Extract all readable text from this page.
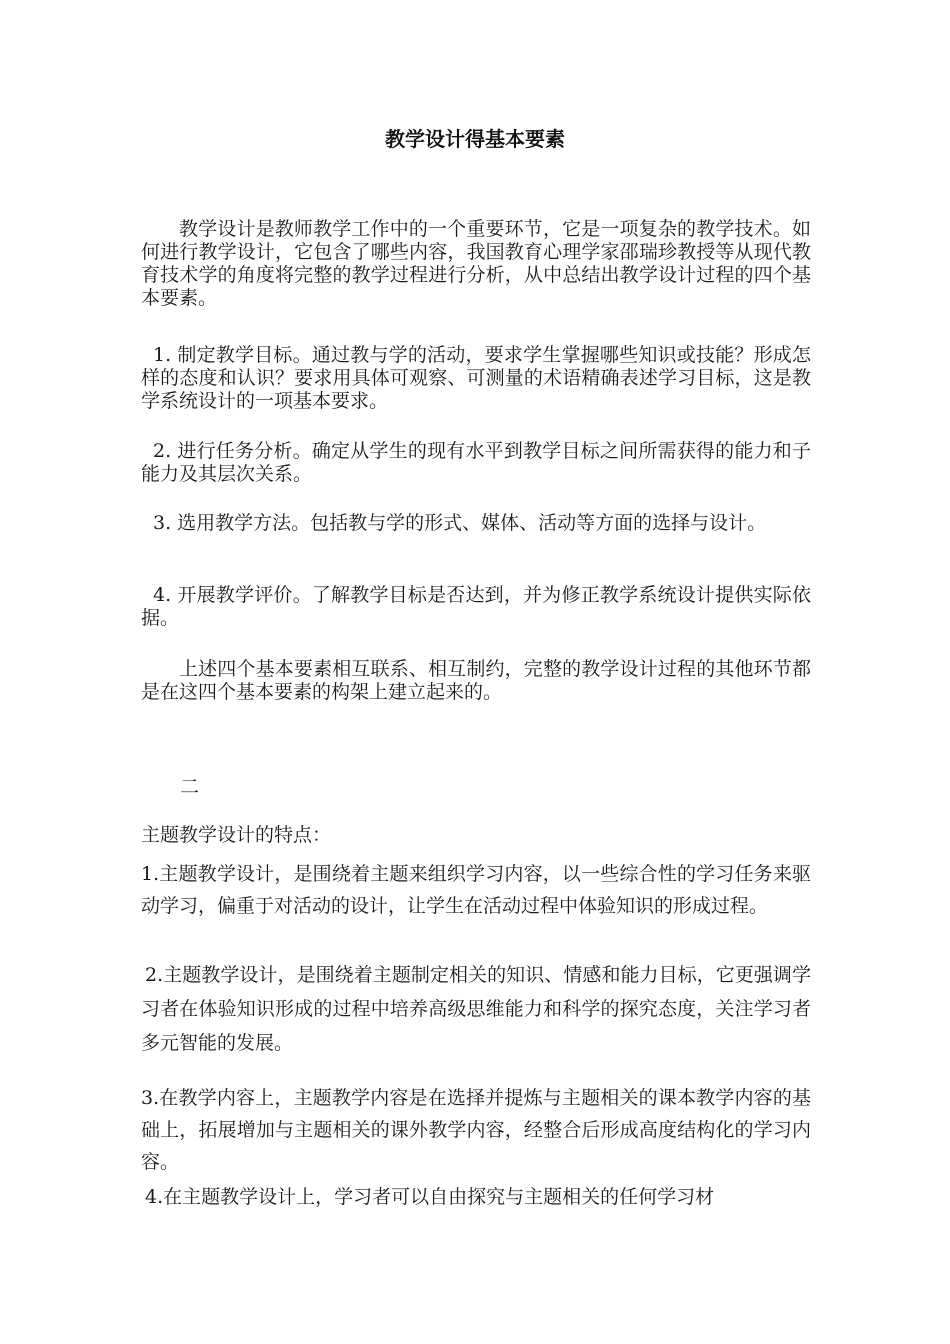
教学设计得基本要素

教学设计是教师教学工作中的一个重要环节，它是一项复杂的教学技术。如何进行教学设计，它包含了哪些内容，我国教育心理学家邵瑞珍教授等从现代教育技术学的角度将完整的教学过程进行分析，从中总结出教学设计过程的四个基本要素。

1. 制定教学目标。通过教与学的活动，要求学生掌握哪些知识或技能？形成怎样的态度和认识？要求用具体可观察、可测量的术语精确表述学习目标，这是教学系统设计的一项基本要求。

2. 进行任务分析。确定从学生的现有水平到教学目标之间所需获得的能力和子能力及其层次关系。

3. 选用教学方法。包括教与学的形式、媒体、活动等方面的选择与设计。

4. 开展教学评价。了解教学目标是否达到，并为修正教学系统设计提供实际依据。

上述四个基本要素相互联系、相互制约，完整的教学设计过程的其他环节都是在这四个基本要素的构架上建立起来的。

二

主题教学设计的特点：

1.主题教学设计，是围绕着主题来组织学习内容，以一些综合性的学习任务来驱动学习，偏重于对活动的设计，让学生在活动过程中体验知识的形成过程。

2.主题教学设计，是围绕着主题制定相关的知识、情感和能力目标，它更强调学习者在体验知识形成的过程中培养高级思维能力和科学的探究态度，关注学习者多元智能的发展。

3.在教学内容上，主题教学内容是在选择并提炼与主题相关的课本教学内容的基础上，拓展增加与主题相关的课外教学内容，经整合后形成高度结构化的学习内容。

4.在主题教学设计上，学习者可以自由探究与主题相关的任何学习材
